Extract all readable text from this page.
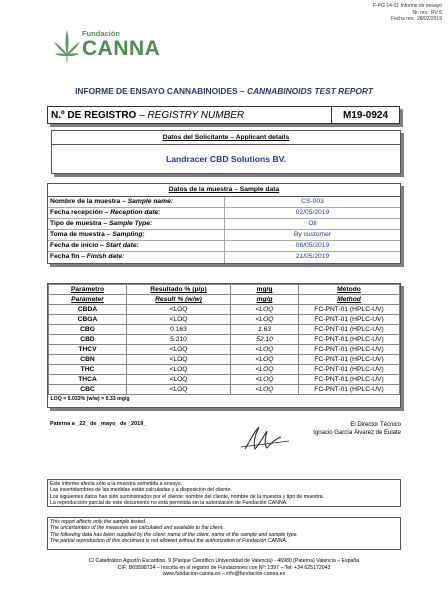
F-PG 14-01 Informe de ensayo
Nr. rev.: RV 5
Fecha rev.: 28/02/2019
Fundación
CANNA
INFORME DE ENSAYO CANNABINOIDES – CANNABINOIDS TEST REPORT
N.º DE REGISTRO – REGISTRY NUMBER	M19-0924
Datos del Solicitante – Applicant details
Landracer CBD Solutions BV.
Datos de la muestra – Sample data
Nombre de la muestra – Sample name:	CS-003
Fecha recepción – Reception date:	02/05/2019
Tipo de muestra – Sample Type:	Oil
Toma de muestra – Sampling:	By customer
Fecha de inicio – Start date:	06/05/2019
Fecha fin – Finish date:	21/05/2019
Parámetro	Resultado % (p/p)	mg/g	Método
Parameter	Result % (w/w)	mg/g	Method
CBDA	<LOQ	<LOQ	FC-PNT-01 (HPLC-UV)
CBGA	<LOQ	<LOQ	FC-PNT-01 (HPLC-UV)
CBG	0.163	1.63	FC-PNT-01 (HPLC-UV)
CBD	5.210	52.10	FC-PNT-01 (HPLC-UV)
THCV	<LOQ	<LOQ	FC-PNT-01 (HPLC-UV)
CBN	<LOQ	<LOQ	FC-PNT-01 (HPLC-UV)
THC	<LOQ	<LOQ	FC-PNT-01 (HPLC-UV)
THCA	<LOQ	<LOQ	FC-PNT-01 (HPLC-UV)
CBC	<LOQ	<LOQ	FC-PNT-01 (HPLC-UV)
LOQ = 0.033% (w/w) = 0.33 mg/g			
Paterna a _22_ de _mayo_ de _2019_	El Director Técnico
Ignacio García Álvarez de Eulate
Este informe afecta sólo a la muestra sometida a ensayo.
Las incertidumbres de las medidas están calculadas y a disposición del cliente.
Los siguientes datos han sido suministrados por el cliente: nombre del cliente, nombre de la muestra y tipo de muestra.
La reproducción parcial de este documento no está permitida sin la autorización de Fundación CANNA.
This report affects only the sample tested.
The uncertainties of the measures are calculated and available to the client.
The following data has been supplied by the client: name of the client, name of the sample and sample type.
The partial reproduction of this document is not allowed without the authorization of Fundación CANNA.
C/ Catedrático Agustín Escardino, 9 (Parque Científico Universidad de Valencia) - 46980 (Paterna) Valencia – España
CIF: B65598724 – Inscrita en el registro de Fundaciones con Nº: 1397 – Tel: +34 625172043
www.fundacion-canna.es – info@fundacion-canna.es
